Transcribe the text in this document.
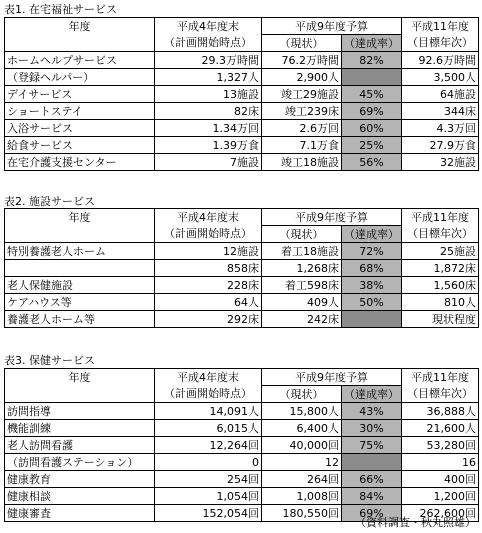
表1. 在宅福祉サービス
年度	平成4年度末	平成9年度予算		平成11年度
	（計画開始時点）	（現状）	（達成率）	（目標年次）
ホームヘルプサービス	29.3万時間	76.2万時間	82%	92.6万時間
（登録ヘルパー）	1,327人	2,900人		3,500人
デイサービス	13施設	竣工29施設	45%	64施設
ショートステイ	82床	竣工239床	69%	344床
入浴サービス	1.34万回	2.6万回	60%	4.3万回
給食サービス	1.39万食	7.1万食	25%	27.9万食
在宅介護支援センター	7施設	竣工18施設	56%	32施設
表2. 施設サービス
年度	平成4年度末	平成9年度予算		平成11年度
	（計画開始時点）	（現状）	（達成率）	（目標年次）
特別養護老人ホーム	12施設	着工18施設	72%	25施設
	858床	1,268床	68%	1,872床
老人保健施設	228床	着工598床	38%	1,560床
ケアハウス等	64人	409人	50%	810人
養護老人ホーム等	292床	242床		現状程度
表3. 保健サービス
年度	平成4年度末	平成9年度予算		平成11年度
	（計画開始時点）	（現状）	（達成率）	（目標年次）
訪問指導	14,091人	15,800人	43%	36,888人
機能訓練	6,015人	6,400人	30%	21,600人
老人訪問看護	12,264回	40,000回	75%	53,280回
（訪問看護ステーション）	0	12		16
健康教育	254回	264回	66%	400回
健康相談	1,054回	1,008回	84%	1,200回
健康審査	152,054回	180,550回	69%	262,600回
（資料調査・秋丸照雄）
